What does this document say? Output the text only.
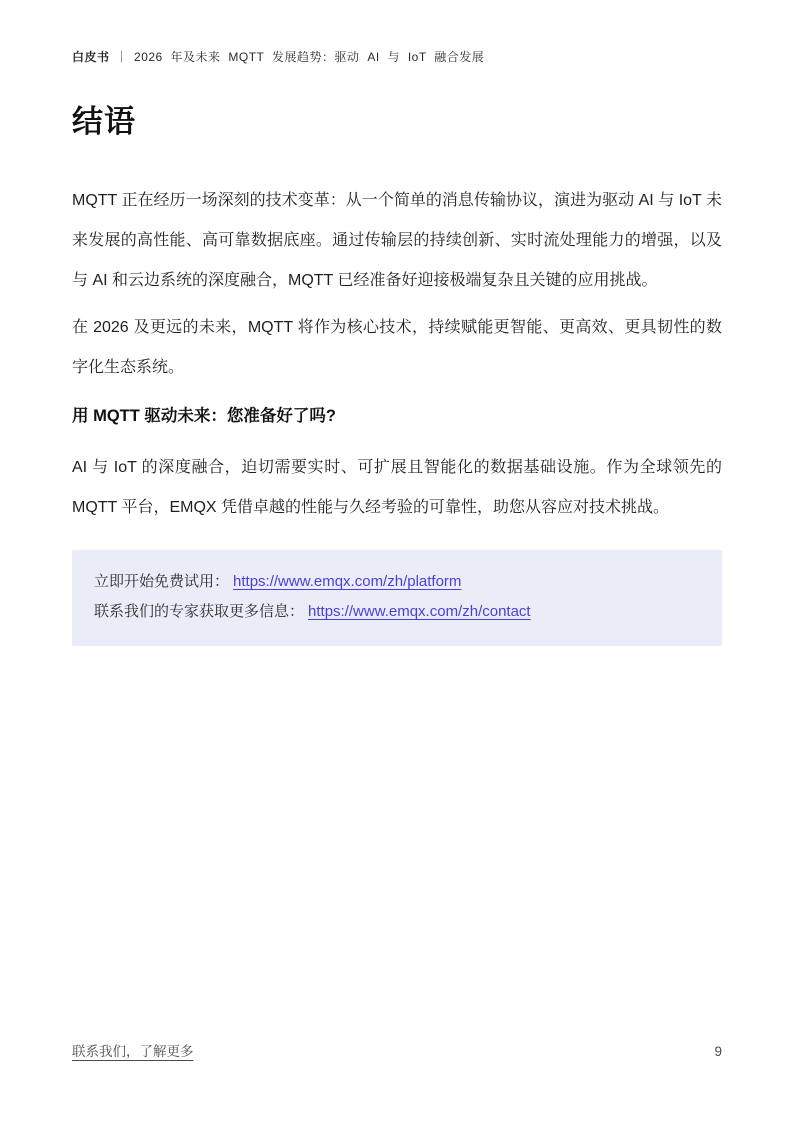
白皮书 ｜ 2026 年及未来 MQTT 发展趋势：驱动 AI 与 IoT 融合发展
结语

MQTT 正在经历一场深刻的技术变革：从一个简单的消息传输协议，演进为驱动 AI 与 IoT 未来发展的高性能、高可靠数据底座。通过传输层的持续创新、实时流处理能力的增强，以及与 AI 和云边系统的深度融合，MQTT 已经准备好迎接极端复杂且关键的应用挑战。

在 2026 及更远的未来，MQTT 将作为核心技术，持续赋能更智能、更高效、更具韧性的数字化生态系统。

用 MQTT 驱动未来：您准备好了吗?

AI 与 IoT 的深度融合，迫切需要实时、可扩展且智能化的数据基础设施。作为全球领先的 MQTT 平台，EMQX 凭借卓越的性能与久经考验的可靠性，助您从容应对技术挑战。

立即开始免费试用： https://www.emqx.com/zh/platform
联系我们的专家获取更多信息： https://www.emqx.com/zh/contact
联系我们，了解更多	9
